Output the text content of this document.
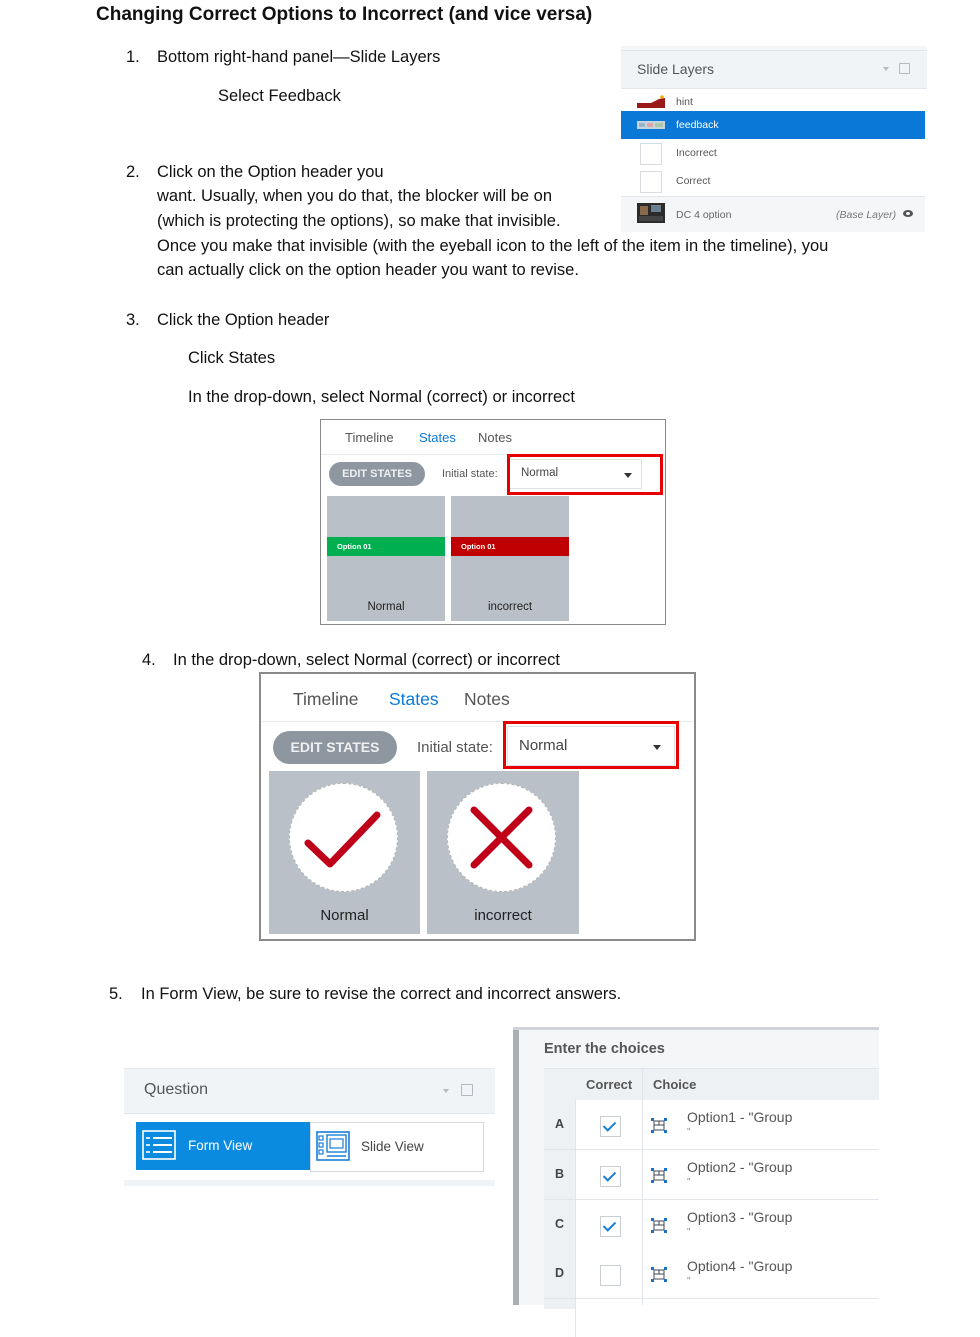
Changing Correct Options to Incorrect (and vice versa)
1. Bottom right-hand panel—Slide Layers
Select Feedback
2. Click on the Option header you
want. Usually, when you do that, the blocker will be on
(which is protecting the options), so make that invisible.
Once you make that invisible (with the eyeball icon to the left of the item in the timeline), you
can actually click on the option header you want to revise.
Slide Layers
hint
feedback
Incorrect
Correct
DC 4 option	(Base Layer)
3. Click the Option header
Click States
In the drop-down, select Normal (correct) or incorrect
Timeline States Notes
EDIT STATES	Initial state: Normal
Option 01
Normal
Option 01
incorrect
4. In the drop-down, select Normal (correct) or incorrect
Timeline States Notes
EDIT STATES	Initial state: Normal
Normal	incorrect
5. In Form View, be sure to revise the correct and incorrect answers.
Question
Form View	Slide View
Enter the choices
Correct Choice
A	Option1 - "Group
"
B	Option2 - "Group
"
C	Option3 - "Group
"
D	Option4 - "Group
"
